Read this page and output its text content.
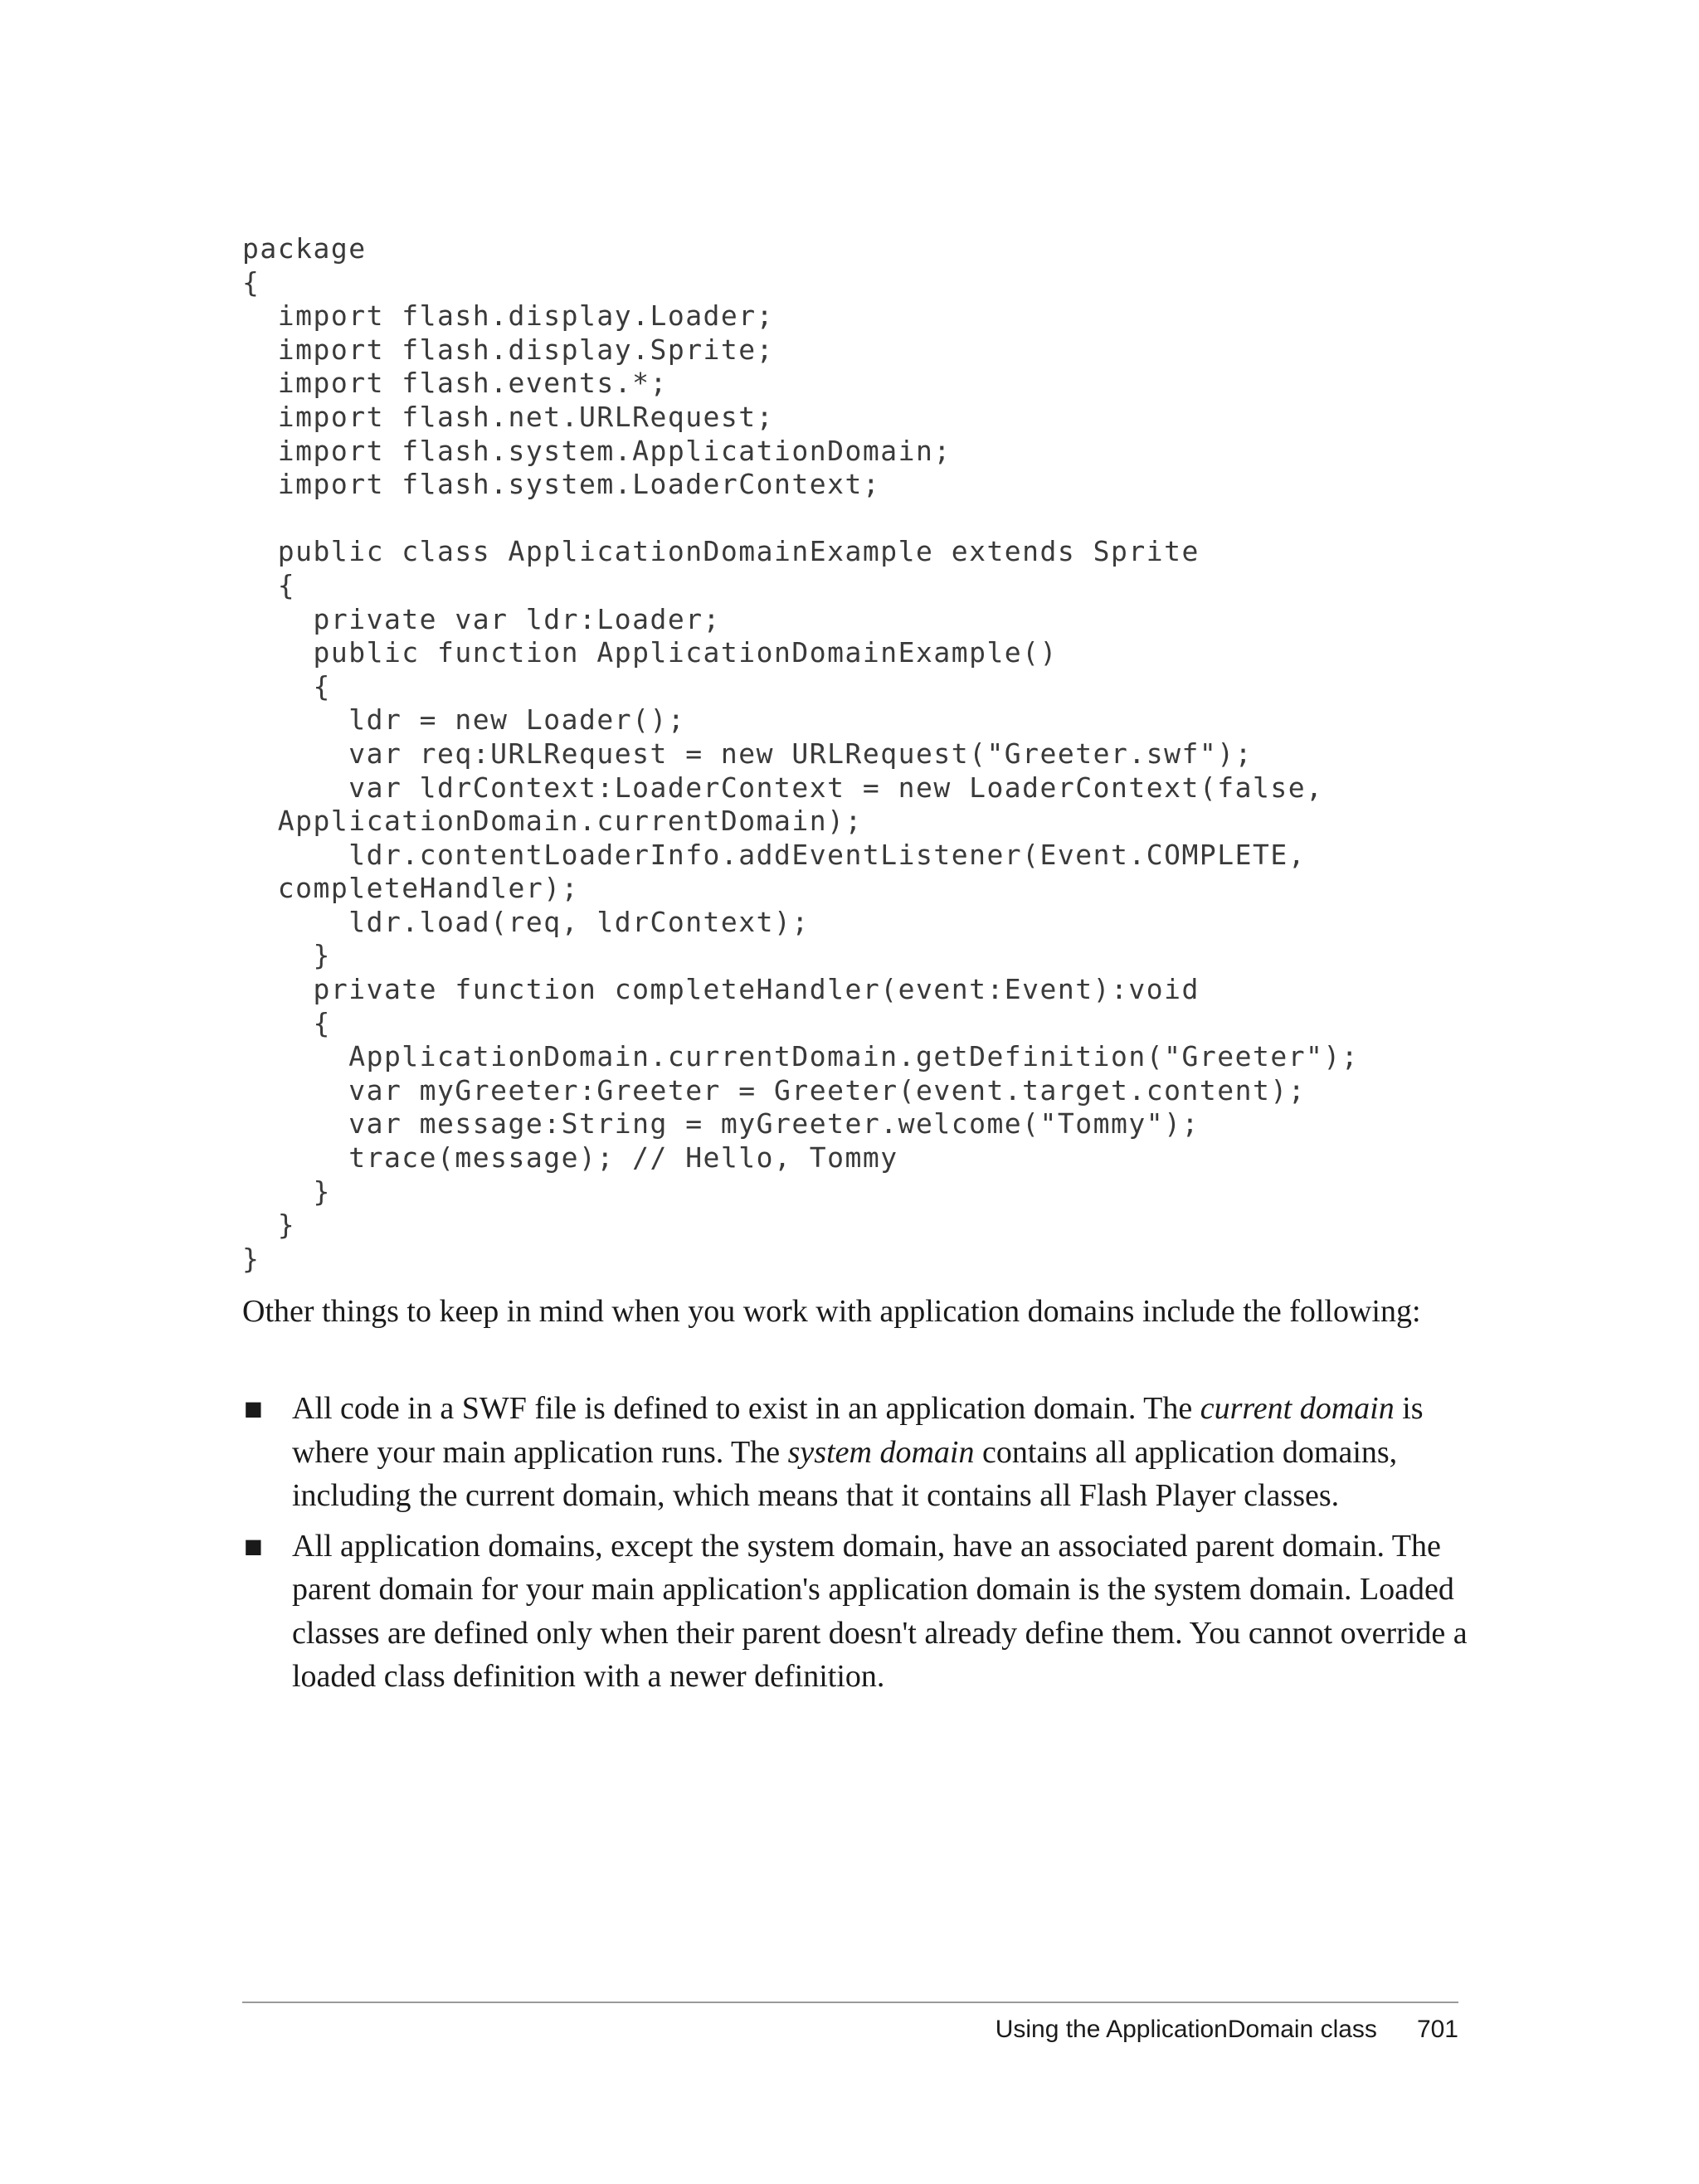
package
{
import flash.display.Loader;
import flash.display.Sprite;
import flash.events.*;
import flash.net.URLRequest;
import flash.system.ApplicationDomain;
import flash.system.LoaderContext;
public class ApplicationDomainExample extends Sprite
{
private var ldr:Loader;
public function ApplicationDomainExample()
{
ldr = new Loader();
var req:URLRequest = new URLRequest("Greeter.swf");
var ldrContext:LoaderContext = new LoaderContext(false,
ApplicationDomain.currentDomain);
ldr.contentLoaderInfo.addEventListener(Event.COMPLETE,
completeHandler);
ldr.load(req, ldrContext);
}
private function completeHandler(event:Event):void
{
ApplicationDomain.currentDomain.getDefinition("Greeter");
var myGreeter:Greeter = Greeter(event.target.content);
var message:String = myGreeter.welcome("Tommy");
trace(message); // Hello, Tommy
}
}
}

Other things to keep in mind when you work with application domains include the following:

■ All code in a SWF file is defined to exist in an application domain. The current domain is where your main application runs. The system domain contains all application domains, including the current domain, which means that it contains all Flash Player classes.
■ All application domains, except the system domain, have an associated parent domain. The parent domain for your main application's application domain is the system domain. Loaded classes are defined only when their parent doesn't already define them. You cannot override a loaded class definition with a newer definition.
Using the ApplicationDomain class 701
